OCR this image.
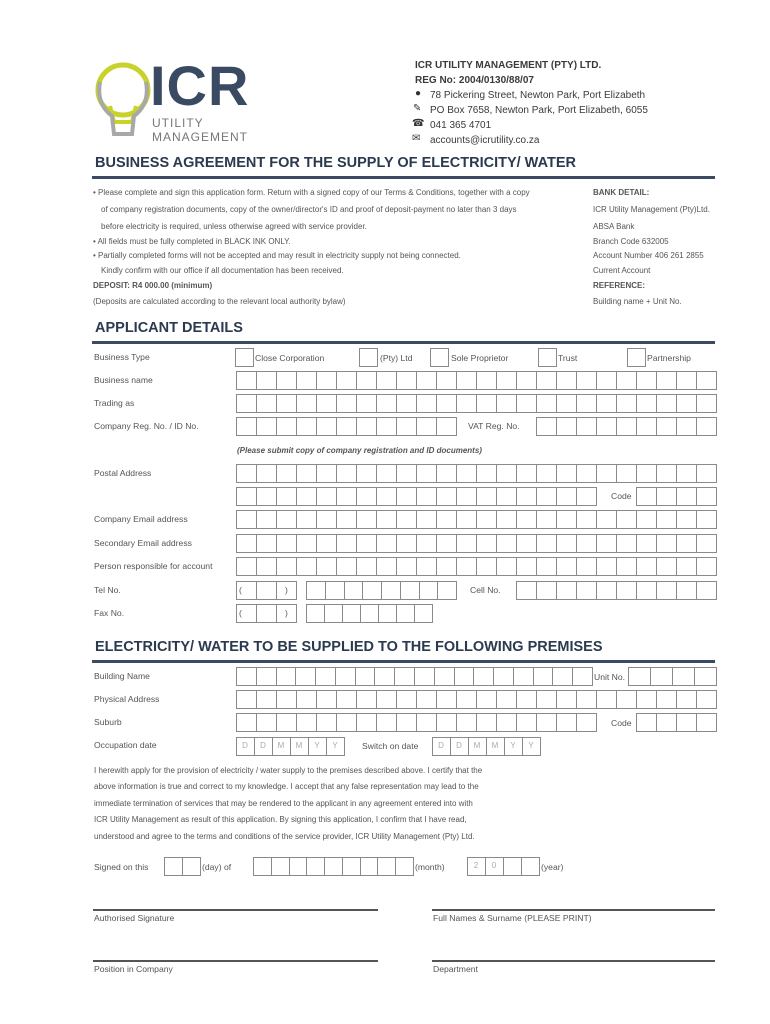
ICR
UTILITY
MANAGEMENT
ICR UTILITY MANAGEMENT (PTY) LTD.
REG No: 2004/0130/88/07
● 78 Pickering Street, Newton Park, Port Elizabeth
✎ PO Box 7658, Newton Park, Port Elizabeth, 6055
☎ 041 365 4701
✉ accounts@icrutility.co.za
BUSINESS AGREEMENT FOR THE SUPPLY OF ELECTRICITY/ WATER
• Please complete and sign this application form. Return with a signed copy of our Terms & Conditions, together with a copy
of company registration documents, copy of the owner/director's ID and proof of deposit-payment no later than 3 days
before electricity is required, unless otherwise agreed with service provider.
• All fields must be fully completed in BLACK INK ONLY.
• Partially completed forms will not be accepted and may result in electricity supply not being connected.
Kindly confirm with our office if all documentation has been received.
DEPOSIT: R4 000.00 (minimum)
(Deposits are calculated according to the relevant local authority bylaw)
BANK DETAIL:
ICR Utility Management (Pty)Ltd.
ABSA Bank
Branch Code 632005
Account Number 406 261 2855
Current Account
REFERENCE:
Building name + Unit No.
APPLICANT DETAILS
Business Type	Close Corporation	(Pty) Ltd	Sole Proprietor	Trust	Partnership
Business name
Trading as
Company Reg. No. / ID No.	VAT Reg. No.
(Please submit copy of company registration and ID documents)
Postal Address
Code
Company Email address
Secondary Email address
Person responsible for account
Tel No.	(	)	Cell No.
Fax No.	(	)
ELECTRICITY/ WATER TO BE SUPPLIED TO THE FOLLOWING PREMISES
Building Name	Unit No.
Physical Address
Suburb	Code
Occupation date	D	D	M	M	Y	Y	Switch on date	D	D	M	M	Y	Y
I herewith apply for the provision of electricity / water supply to the premises described above. I certify that the
above information is true and correct to my knowledge. I accept that any false representation may lead to the
immediate termination of services that may be rendered to the applicant in any agreement entered into with
ICR Utility Management as result of this application. By signing this application, I confirm that I have read,
understood and agree to the terms and conditions of the service provider, ICR Utility Management (Pty) Ltd.
Signed on this	(day) of	(month)	2	0	(year)
Authorised Signature	Full Names & Surname (PLEASE PRINT)
Position in Company	Department
